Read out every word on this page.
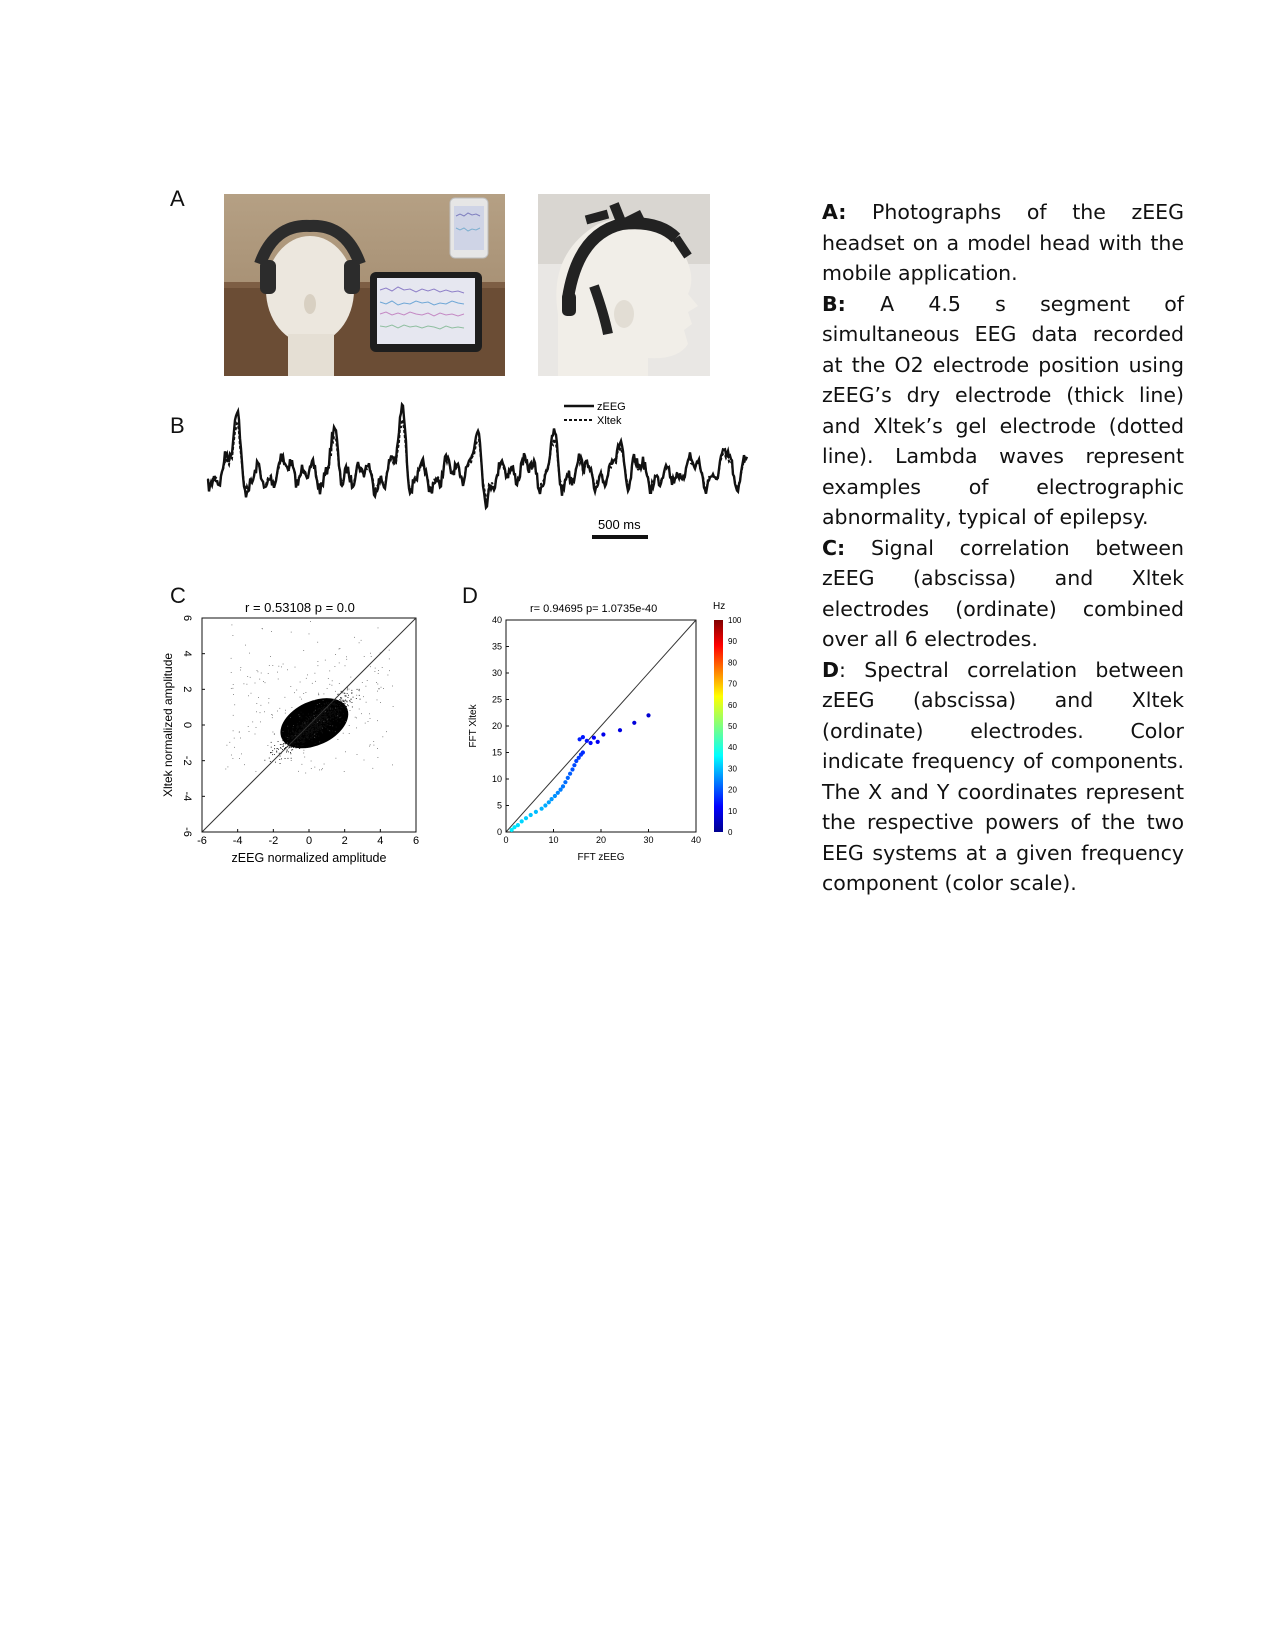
A
B
zEEG
Xltek
500 ms
C	r = 0.53108 p = 0.0
-6 -4 -2	0	2	4	6
-6
-4
-2
0
2
4
6
zEEG normalized amplitude
Xltek normalized amplitude
D
r= 0.94695 p= 1.0735e-40
0	10	20	30	40
0
5
10
15
20
25
30
35
40
FFT zEEG
FFT Xltek
Hz
0
10
20
30
40
50
60
70
80
90
100

A: Photographs of the zEEG headset on a model head with the mobile application.

B: A 4.5 s segment of simultaneous EEG data recorded at the O2 electrode position using zEEG’s dry electrode (thick line) and Xltek’s gel electrode (dotted line). Lambda waves represent examples of electrographic abnormality, typical of epilepsy.

C: Signal correlation between zEEG (abscissa) and Xltek electrodes (ordinate) combined over all 6 electrodes.

D: Spectral correlation between zEEG (abscissa) and Xltek (ordinate) electrodes. Color indicate frequency of components. The X and Y coordinates represent the respective powers of the two EEG systems at a given frequency component (color scale).
